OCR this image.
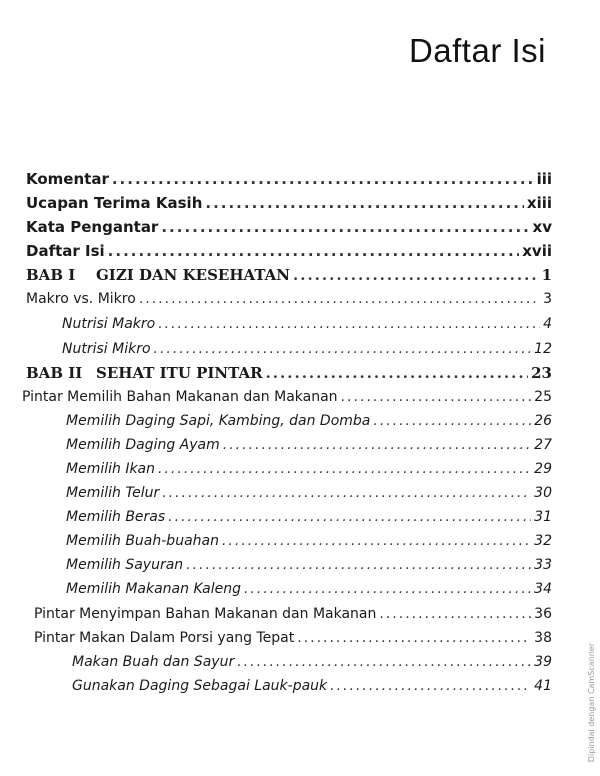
Daftar Isi
Komentar .....	iii
Ucapan Terima Kasih .....	xiii
Kata Pengantar .....	xv
Daftar Isi .....	xvii
BAB I GIZI DAN KESEHATAN .....	1
Makro vs. Mikro .....	3
Nutrisi Makro .....	4
Nutrisi Mikro .....	12
BAB II SEHAT ITU PINTAR .....	23
Pintar Memilih Bahan Makanan dan Makanan .....	25
Memilih Daging Sapi, Kambing, dan Domba .....	26
Memilih Daging Ayam .....	27
Memilih Ikan .....	29
Memilih Telur .....	30
Memilih Beras .....	31
Memilih Buah-buahan .....	32
Memilih Sayuran .....	33
Memilih Makanan Kaleng .....	34
Pintar Menyimpan Bahan Makanan dan Makanan .....	36
Pintar Makan Dalam Porsi yang Tepat .....	38
Makan Buah dan Sayur .....	39
Gunakan Daging Sebagai Lauk-pauk .....	41	Dipindai dengan CamScanner
